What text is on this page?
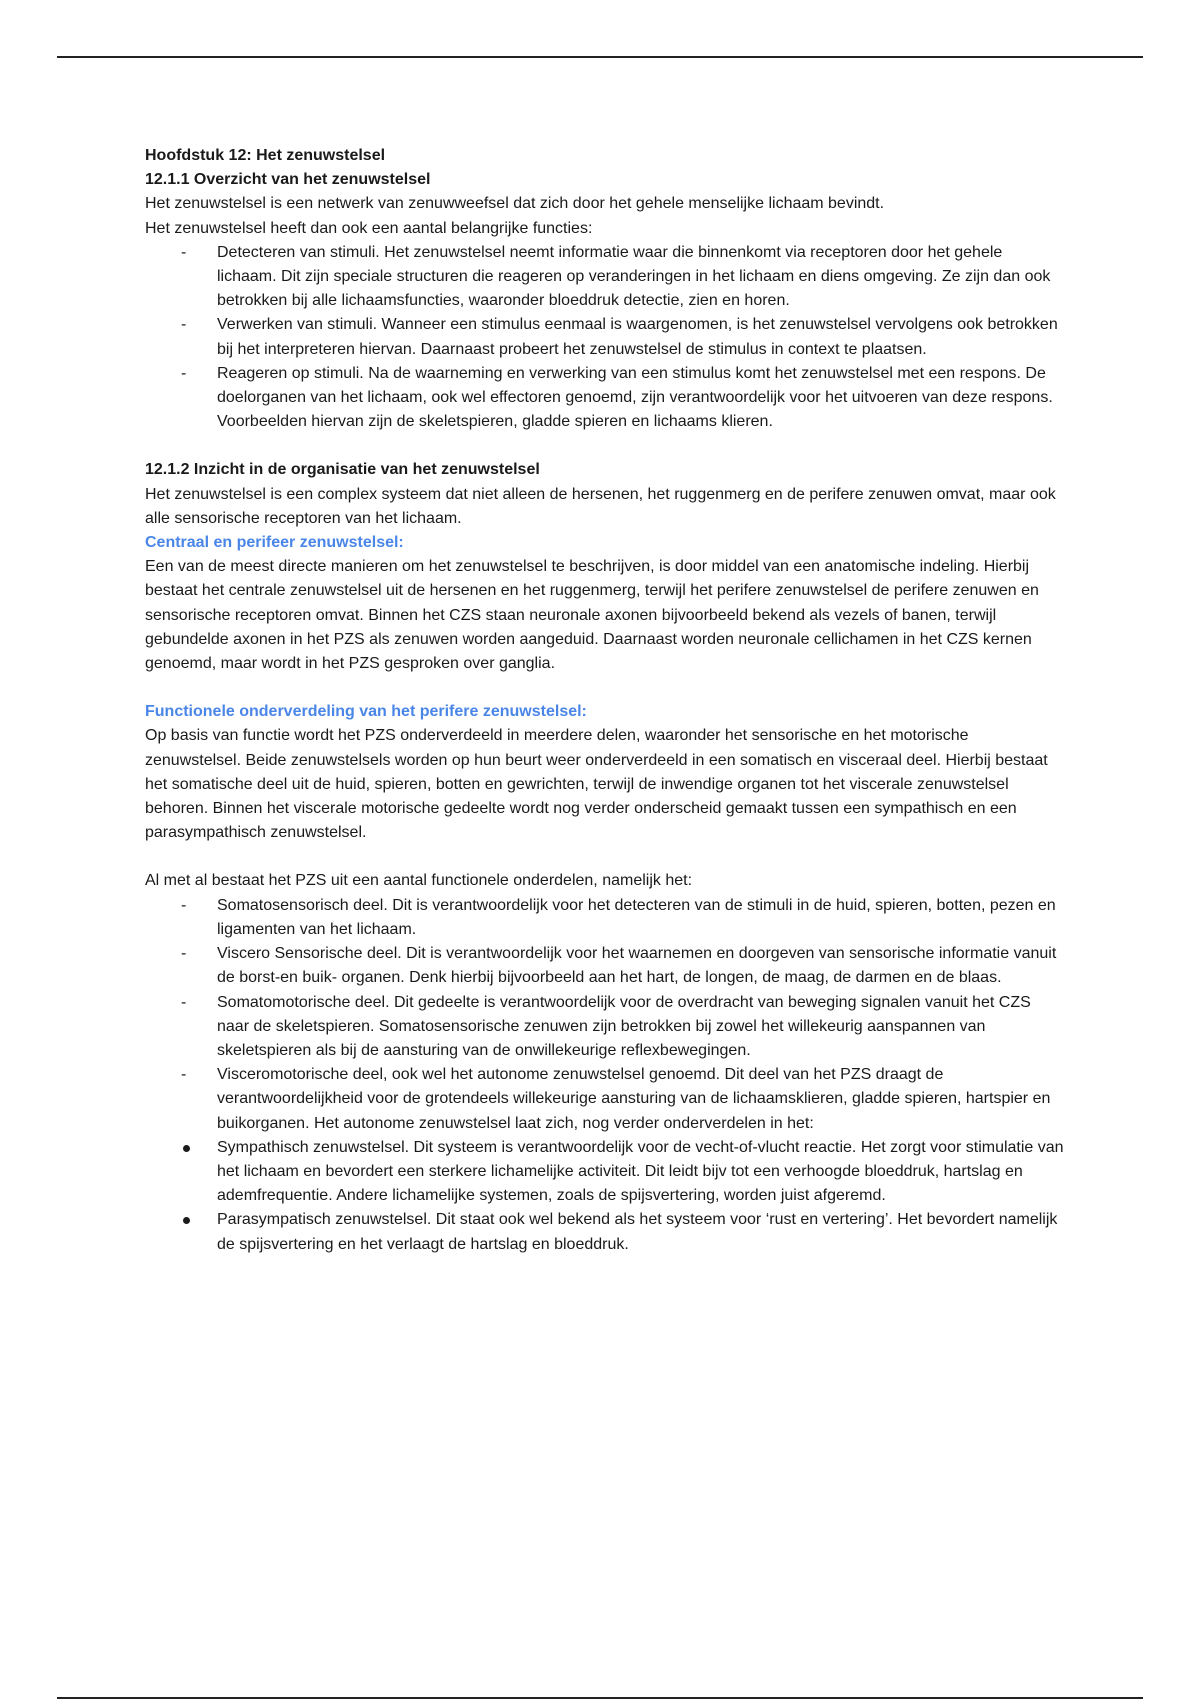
Hoofdstuk 12: Het zenuwstelsel

12.1.1 Overzicht van het zenuwstelsel

Het zenuwstelsel is een netwerk van zenuwweefsel dat zich door het gehele menselijke lichaam bevindt.

Het zenuwstelsel heeft dan ook een aantal belangrijke functies:

-	Detecteren van stimuli. Het zenuwstelsel neemt informatie waar die binnenkomt via receptoren door het gehele lichaam. Dit zijn speciale structuren die reageren op veranderingen in het lichaam en diens omgeving. Ze zijn dan ook betrokken bij alle lichaamsfuncties, waaronder bloeddruk detectie, zien en horen.
-	Verwerken van stimuli. Wanneer een stimulus eenmaal is waargenomen, is het zenuwstelsel vervolgens ook betrokken bij het interpreteren hiervan. Daarnaast probeert het zenuwstelsel de stimulus in context te plaatsen.
-	Reageren op stimuli. Na de waarneming en verwerking van een stimulus komt het zenuwstelsel met een respons. De doelorganen van het lichaam, ook wel effectoren genoemd, zijn verantwoordelijk voor het uitvoeren van deze respons. Voorbeelden hiervan zijn de skeletspieren, gladde spieren en lichaams klieren.

12.1.2 Inzicht in de organisatie van het zenuwstelsel

Het zenuwstelsel is een complex systeem dat niet alleen de hersenen, het ruggenmerg en de perifere zenuwen omvat, maar ook alle sensorische receptoren van het lichaam.

Centraal en perifeer zenuwstelsel:

Een van de meest directe manieren om het zenuwstelsel te beschrijven, is door middel van een anatomische indeling. Hierbij bestaat het centrale zenuwstelsel uit de hersenen en het ruggenmerg, terwijl het perifere zenuwstelsel de perifere zenuwen en sensorische receptoren omvat. Binnen het CZS staan neuronale axonen bijvoorbeeld bekend als vezels of banen, terwijl gebundelde axonen in het PZS als zenuwen worden aangeduid. Daarnaast worden neuronale cellichamen in het CZS kernen genoemd, maar wordt in het PZS gesproken over ganglia.

Functionele onderverdeling van het perifere zenuwstelsel:

Op basis van functie wordt het PZS onderverdeeld in meerdere delen, waaronder het sensorische en het motorische zenuwstelsel. Beide zenuwstelsels worden op hun beurt weer onderverdeeld in een somatisch en visceraal deel. Hierbij bestaat het somatische deel uit de huid, spieren, botten en gewrichten, terwijl de inwendige organen tot het viscerale zenuwstelsel behoren. Binnen het viscerale motorische gedeelte wordt nog verder onderscheid gemaakt tussen een sympathisch en een parasympathisch zenuwstelsel.

Al met al bestaat het PZS uit een aantal functionele onderdelen, namelijk het:

-	Somatosensorisch deel. Dit is verantwoordelijk voor het detecteren van de stimuli in de huid, spieren, botten, pezen en ligamenten van het lichaam.
-	Viscero Sensorische deel. Dit is verantwoordelijk voor het waarnemen en doorgeven van sensorische informatie vanuit de borst-en buik- organen. Denk hierbij bijvoorbeeld aan het hart, de longen, de maag, de darmen en de blaas.
-	Somatomotorische deel. Dit gedeelte is verantwoordelijk voor de overdracht van beweging signalen vanuit het CZS naar de skeletspieren. Somatosensorische zenuwen zijn betrokken bij zowel het willekeurig aanspannen van skeletspieren als bij de aansturing van de onwillekeurige reflexbewegingen.
-	Visceromotorische deel, ook wel het autonome zenuwstelsel genoemd. Dit deel van het PZS draagt de verantwoordelijkheid voor de grotendeels willekeurige aansturing van de lichaamsklieren, gladde spieren, hartspier en buikorganen. Het autonome zenuwstelsel laat zich, nog verder onderverdelen in het:
Sympathisch zenuwstelsel. Dit systeem is verantwoordelijk voor de vecht-of-vlucht reactie. Het zorgt voor stimulatie van het lichaam en bevordert een sterkere lichamelijke activiteit. Dit leidt bijv tot een verhoogde bloeddruk, hartslag en ademfrequentie. Andere lichamelijke systemen, zoals de spijsvertering, worden juist afgeremd.
Parasympatisch zenuwstelsel. Dit staat ook wel bekend als het systeem voor ‘rust en vertering’. Het bevordert namelijk de spijsvertering en het verlaagt de hartslag en bloeddruk.
